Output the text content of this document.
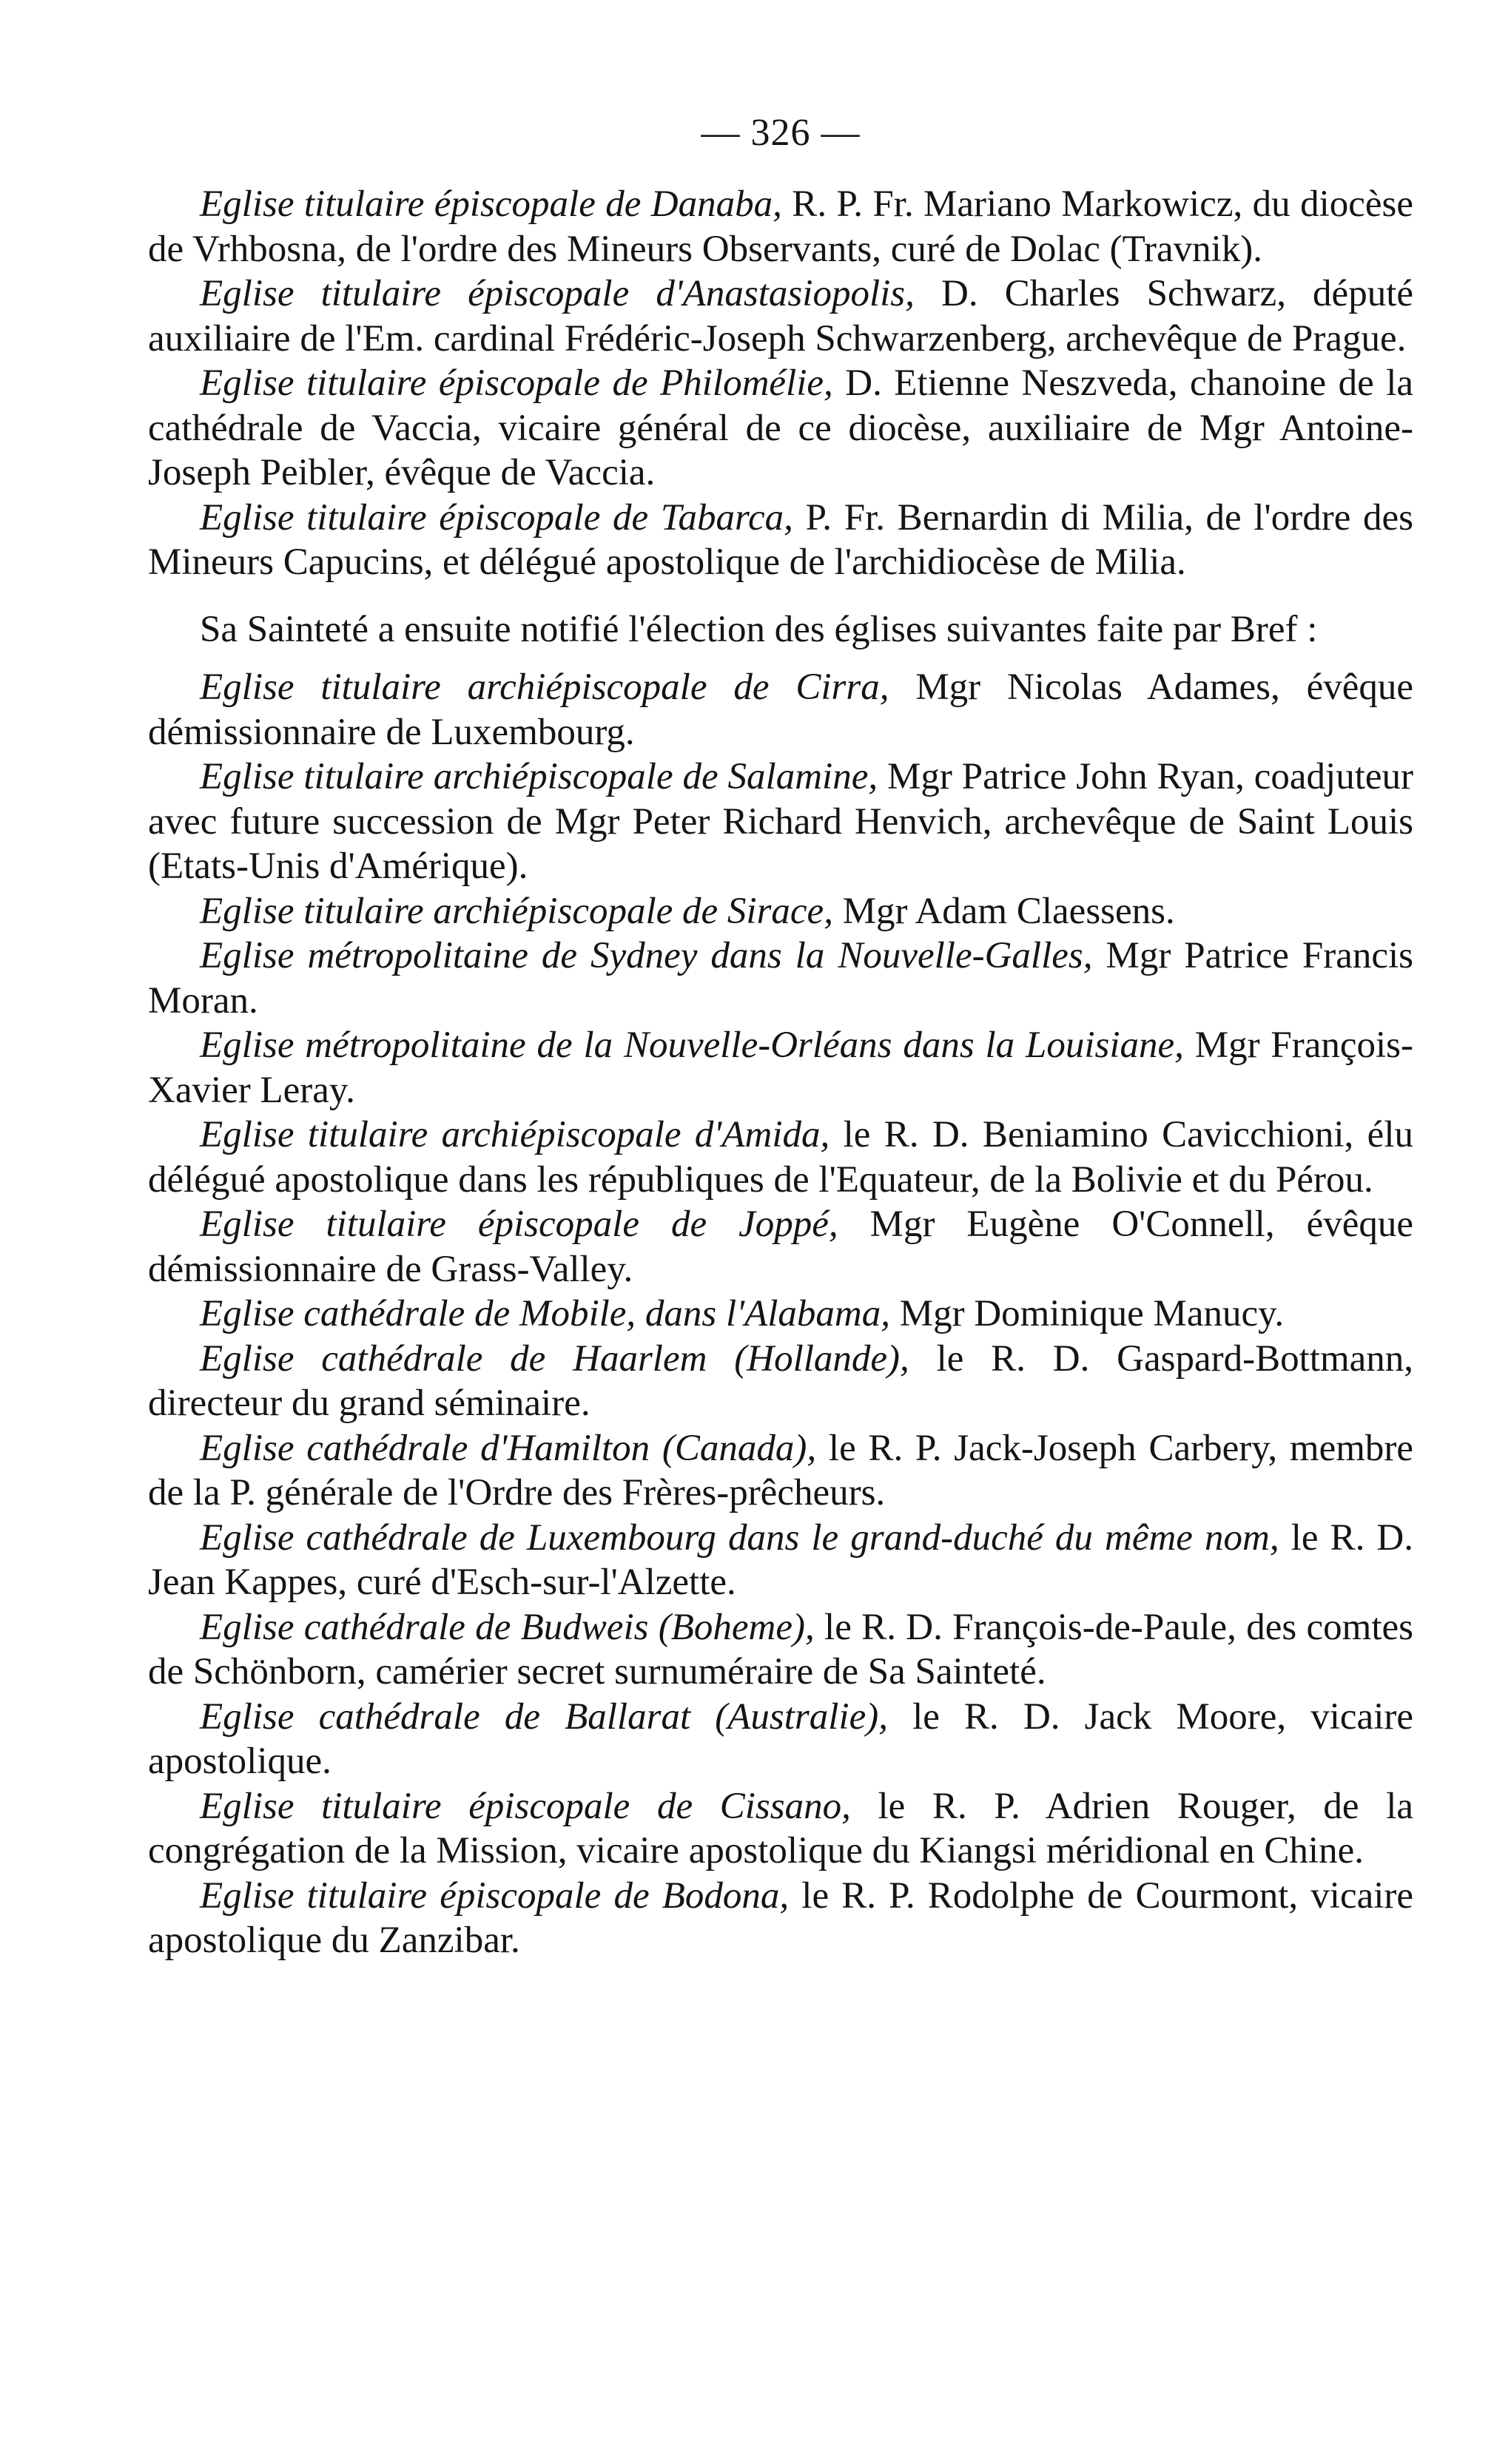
— 326 —

Eglise titulaire épiscopale de Danaba, R. P. Fr. Mariano Markowicz, du diocèse de Vrhbosna, de l'ordre des Mineurs Observants, curé de Dolac (Travnik).

Eglise titulaire épiscopale d'Anastasiopolis, D. Charles Schwarz, député auxiliaire de l'Em. cardinal Frédéric-Joseph Schwarzenberg, archevêque de Prague.

Eglise titulaire épiscopale de Philomélie, D. Etienne Neszveda, chanoine de la cathédrale de Vaccia, vicaire général de ce diocèse, auxiliaire de Mgr Antoine-Joseph Peibler, évêque de Vaccia.

Eglise titulaire épiscopale de Tabarca, P. Fr. Bernardin di Milia, de l'ordre des Mineurs Capucins, et délégué apostolique de l'archidiocèse de Milia.

Sa Sainteté a ensuite notifié l'élection des églises suivantes faite par Bref :

Eglise titulaire archiépiscopale de Cirra, Mgr Nicolas Adames, évêque démissionnaire de Luxembourg.

Eglise titulaire archiépiscopale de Salamine, Mgr Patrice John Ryan, coadjuteur avec future succession de Mgr Peter Richard Henvich, archevêque de Saint Louis (Etats-Unis d'Amérique).

Eglise titulaire archiépiscopale de Sirace, Mgr Adam Claessens.

Eglise métropolitaine de Sydney dans la Nouvelle-Galles, Mgr Patrice Francis Moran.

Eglise métropolitaine de la Nouvelle-Orléans dans la Louisiane, Mgr François-Xavier Leray.

Eglise titulaire archiépiscopale d'Amida, le R. D. Beniamino Cavicchioni, élu délégué apostolique dans les républiques de l'Equateur, de la Bolivie et du Pérou.

Eglise titulaire épiscopale de Joppé, Mgr Eugène O'Connell, évêque démissionnaire de Grass-Valley.

Eglise cathédrale de Mobile, dans l'Alabama, Mgr Dominique Manucy.

Eglise cathédrale de Haarlem (Hollande), le R. D. Gaspard-Bottmann, directeur du grand séminaire.

Eglise cathédrale d'Hamilton (Canada), le R. P. Jack-Joseph Carbery, membre de la P. générale de l'Ordre des Frères-prêcheurs.

Eglise cathédrale de Luxembourg dans le grand-duché du même nom, le R. D. Jean Kappes, curé d'Esch-sur-l'Alzette.

Eglise cathédrale de Budweis (Boheme), le R. D. François-de-Paule, des comtes de Schönborn, camérier secret surnuméraire de Sa Sainteté.

Eglise cathédrale de Ballarat (Australie), le R. D. Jack Moore, vicaire apostolique.

Eglise titulaire épiscopale de Cissano, le R. P. Adrien Rouger, de la congrégation de la Mission, vicaire apostolique du Kiangsi méridional en Chine.

Eglise titulaire épiscopale de Bodona, le R. P. Rodolphe de Courmont, vicaire apostolique du Zanzibar.
